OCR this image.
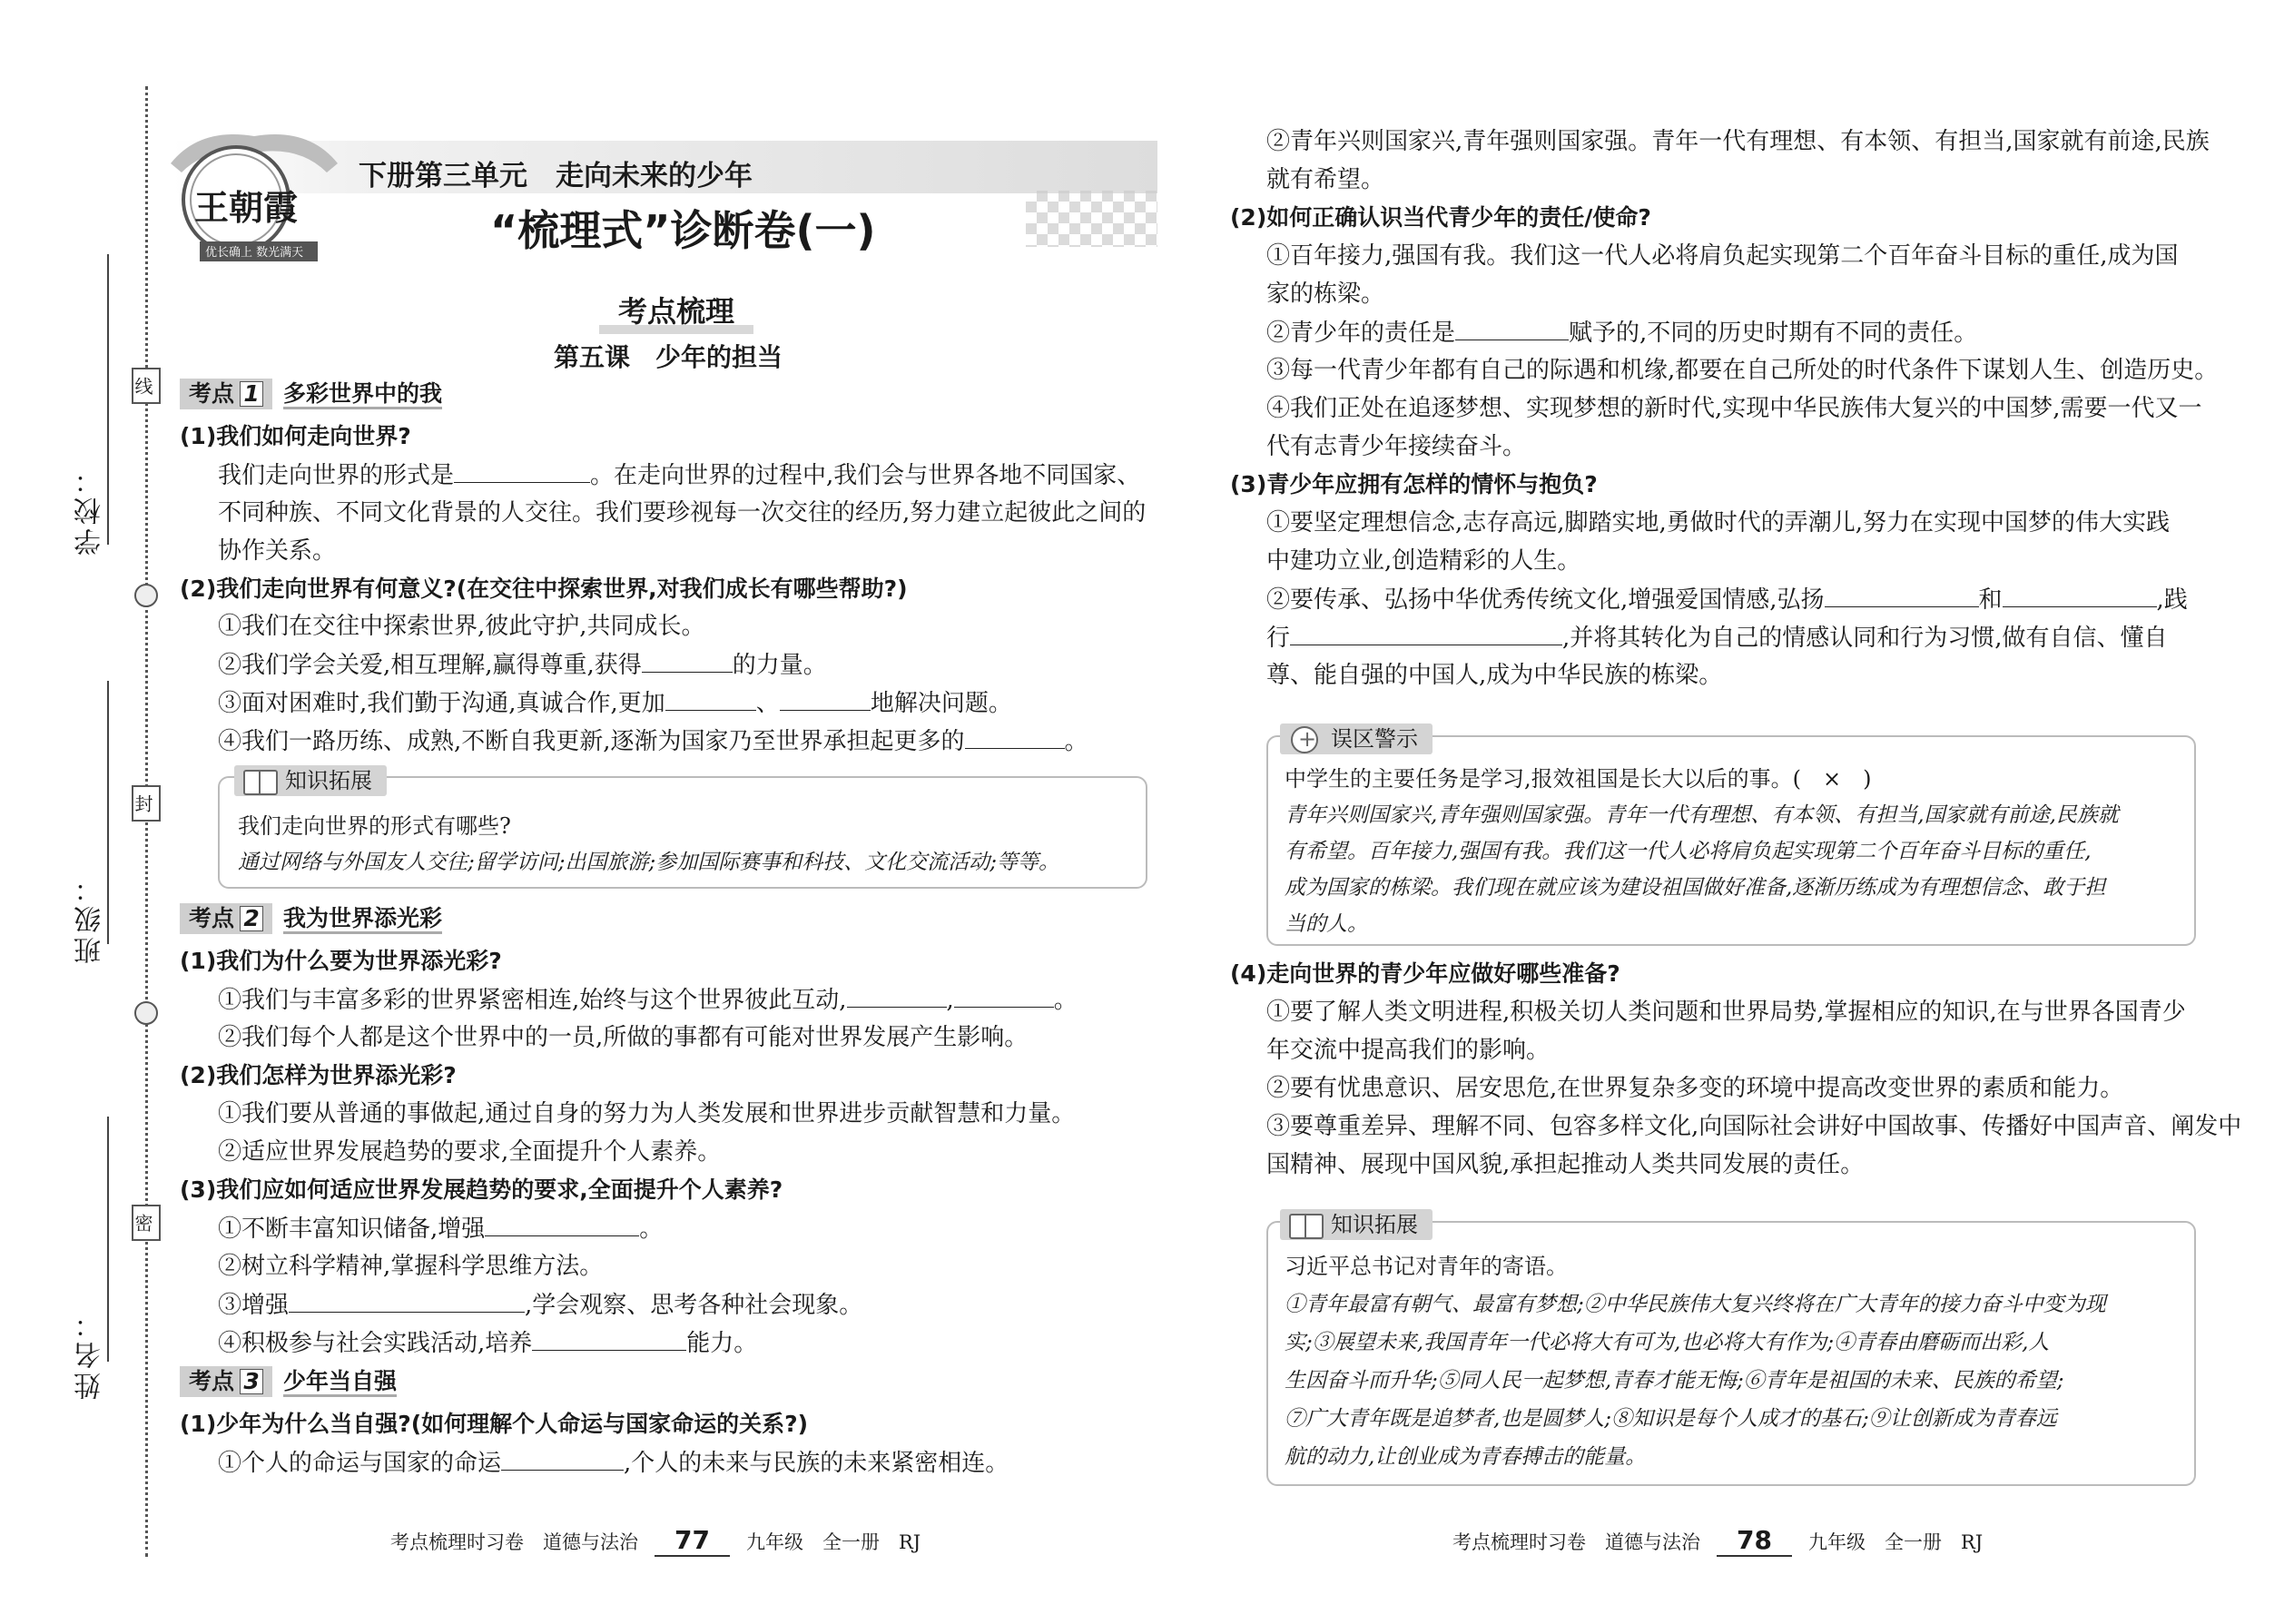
学校：
班级：
姓名：
线
封
密
王朝霞
优长确上 数光满天
下册第三单元　走向未来的少年
“梳理式”诊断卷(一)
考点梳理
第五课　少年的担当
考点 1 多彩世界中的我
(1)我们如何走向世界?
我们走向世界的形式是	。在走向世界的过程中,我们会与世界各地不同国家、
不同种族、不同文化背景的人交往。我们要珍视每一次交往的经历,努力建立起彼此之间的
协作关系。
(2)我们走向世界有何意义?(在交往中探索世界,对我们成长有哪些帮助?)
①我们在交往中探索世界,彼此守护,共同成长。
②我们学会关爱,相互理解,赢得尊重,获得	的力量。
③面对困难时,我们勤于沟通,真诚合作,更加	、	地解决问题。
④我们一路历练、成熟,不断自我更新,逐渐为国家乃至世界承担起更多的	。
知识拓展
我们走向世界的形式有哪些?
通过网络与外国友人交往;留学访问;出国旅游;参加国际赛事和科技、文化交流活动;等等。
考点 2 我为世界添光彩
(1)我们为什么要为世界添光彩?
①我们与丰富多彩的世界紧密相连,始终与这个世界彼此互动,	,	。
②我们每个人都是这个世界中的一员,所做的事都有可能对世界发展产生影响。
(2)我们怎样为世界添光彩?
①我们要从普通的事做起,通过自身的努力为人类发展和世界进步贡献智慧和力量。
②适应世界发展趋势的要求,全面提升个人素养。
(3)我们应如何适应世界发展趋势的要求,全面提升个人素养?
①不断丰富知识储备,增强	。
②树立科学精神,掌握科学思维方法。
③增强	,学会观察、思考各种社会现象。
④积极参与社会实践活动,培养	能力。
考点 3 少年当自强
(1)少年为什么当自强?(如何理解个人命运与国家命运的关系?)
①个人的命运与国家的命运	,个人的未来与民族的未来紧密相连。
考点梳理时习卷　道德与法治 77 九年级　全一册　RJ
②青年兴则国家兴,青年强则国家强。青年一代有理想、有本领、有担当,国家就有前途,民族
就有希望。
(2)如何正确认识当代青少年的责任/使命?
①百年接力,强国有我。我们这一代人必将肩负起实现第二个百年奋斗目标的重任,成为国
家的栋梁。
②青少年的责任是	赋予的,不同的历史时期有不同的责任。
③每一代青少年都有自己的际遇和机缘,都要在自己所处的时代条件下谋划人生、创造历史。
④我们正处在追逐梦想、实现梦想的新时代,实现中华民族伟大复兴的中国梦,需要一代又一
代有志青少年接续奋斗。
(3)青少年应拥有怎样的情怀与抱负?
①要坚定理想信念,志存高远,脚踏实地,勇做时代的弄潮儿,努力在实现中国梦的伟大实践
中建功立业,创造精彩的人生。
②要传承、弘扬中华优秀传统文化,增强爱国情感,弘扬	和	,践
行	,并将其转化为自己的情感认同和行为习惯,做有自信、懂自
尊、能自强的中国人,成为中华民族的栋梁。
+
误区警示
中学生的主要任务是学习,报效祖国是长大以后的事。(　×　)
青年兴则国家兴,青年强则国家强。青年一代有理想、有本领、有担当,国家就有前途,民族就
有希望。百年接力,强国有我。我们这一代人必将肩负起实现第二个百年奋斗目标的重任,
成为国家的栋梁。我们现在就应该为建设祖国做好准备,逐渐历练成为有理想信念、敢于担
当的人。
(4)走向世界的青少年应做好哪些准备?
①要了解人类文明进程,积极关切人类问题和世界局势,掌握相应的知识,在与世界各国青少
年交流中提高我们的影响。
②要有忧患意识、居安思危,在世界复杂多变的环境中提高改变世界的素质和能力。
③要尊重差异、理解不同、包容多样文化,向国际社会讲好中国故事、传播好中国声音、阐发中
国精神、展现中国风貌,承担起推动人类共同发展的责任。
知识拓展
习近平总书记对青年的寄语。
①青年最富有朝气、最富有梦想;②中华民族伟大复兴终将在广大青年的接力奋斗中变为现
实;③展望未来,我国青年一代必将大有可为,也必将大有作为;④青春由磨砺而出彩,人
生因奋斗而升华;⑤同人民一起梦想,青春才能无悔;⑥青年是祖国的未来、民族的希望;
⑦广大青年既是追梦者,也是圆梦人;⑧知识是每个人成才的基石;⑨让创新成为青春远
航的动力,让创业成为青春搏击的能量。
考点梳理时习卷　道德与法治 78 九年级　全一册　RJ
